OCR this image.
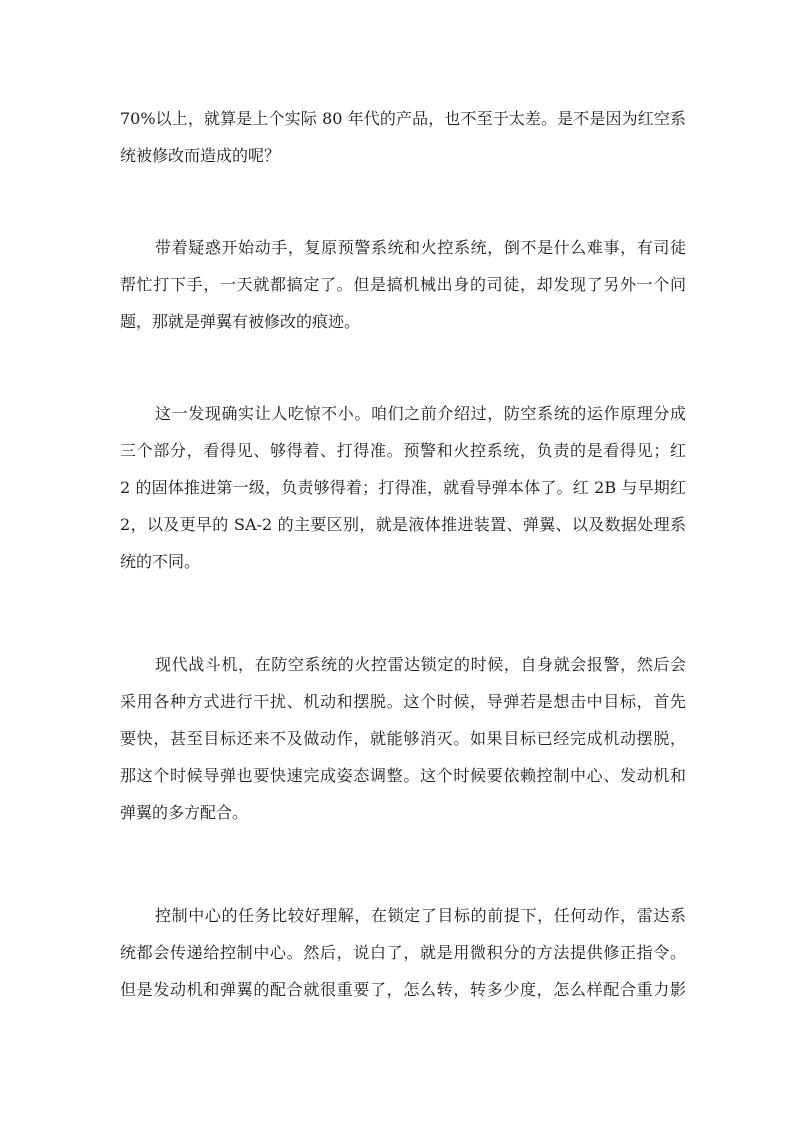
70%以上，就算是上个实际 80 年代的产品，也不至于太差。是不是因为红空系
统被修改而造成的呢？
带着疑惑开始动手，复原预警系统和火控系统，倒不是什么难事，有司徒
帮忙打下手，一天就都搞定了。但是搞机械出身的司徒，却发现了另外一个问
题，那就是弹翼有被修改的痕迹。
这一发现确实让人吃惊不小。咱们之前介绍过，防空系统的运作原理分成
三个部分，看得见、够得着、打得准。预警和火控系统，负责的是看得见；红
2 的固体推进第一级，负责够得着；打得准，就看导弹本体了。红 2B 与早期红
2，以及更早的 SA-2 的主要区别，就是液体推进装置、弹翼、以及数据处理系
统的不同。
现代战斗机，在防空系统的火控雷达锁定的时候，自身就会报警，然后会
采用各种方式进行干扰、机动和摆脱。这个时候，导弹若是想击中目标，首先
要快，甚至目标还来不及做动作，就能够消灭。如果目标已经完成机动摆脱，
那这个时候导弹也要快速完成姿态调整。这个时候要依赖控制中心、发动机和
弹翼的多方配合。
控制中心的任务比较好理解，在锁定了目标的前提下，任何动作，雷达系
统都会传递给控制中心。然后，说白了，就是用微积分的方法提供修正指令。
但是发动机和弹翼的配合就很重要了，怎么转，转多少度，怎么样配合重力影
